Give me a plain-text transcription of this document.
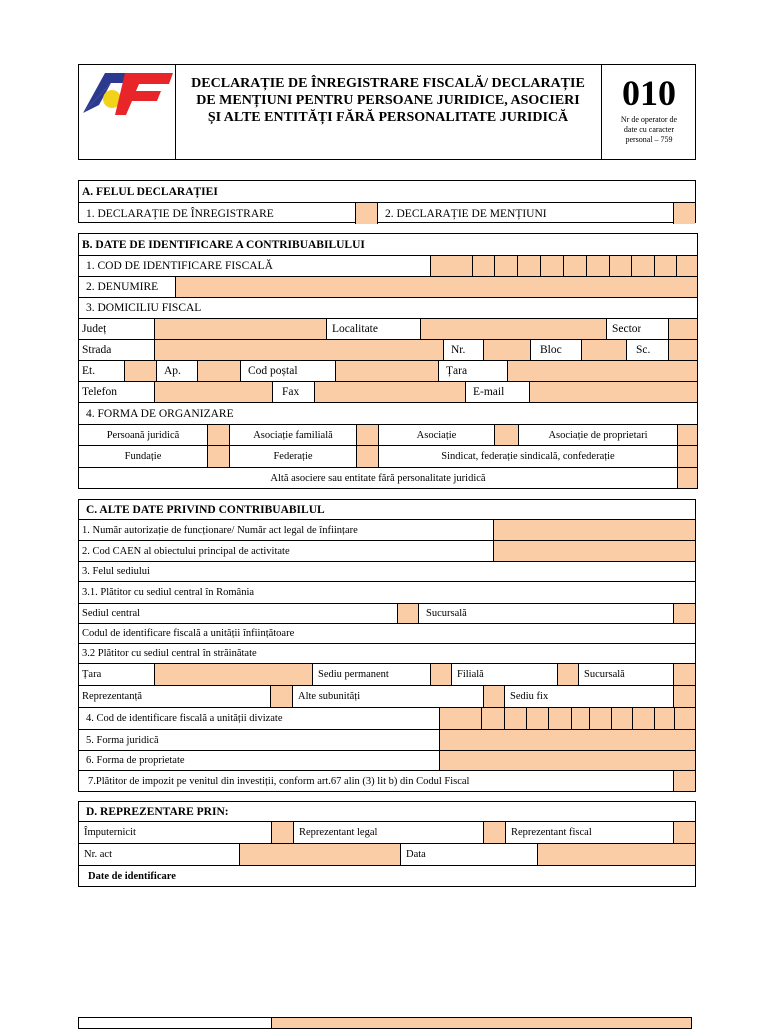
DECLARAȚIE DE ÎNREGISTRARE FISCALĂ/ DECLARAȚIE
DE MENȚIUNI PENTRU PERSOANE JURIDICE, ASOCIERI
ȘI ALTE ENTITĂȚI FĂRĂ PERSONALITATE JURIDICĂ
010
Nr de operator de
date cu caracter
personal – 759
A. FELUL DECLARAȚIEI
1. DECLARAȚIE DE ÎNREGISTRARE	2. DECLARAȚIE DE MENȚIUNI
B. DATE DE IDENTIFICARE A CONTRIBUABILULUI
1. COD DE IDENTIFICARE FISCALĂ
2. DENUMIRE
3. DOMICILIU FISCAL
Județ	Localitate	Sector
Strada	Nr.	Bloc	Sc.
Et.	Ap.	Cod poștal	Țara
Telefon	Fax	E-mail
4. FORMA DE ORGANIZARE
Persoană juridică	Asociație familială	Asociație	Asociație de proprietari
Fundație	Federație	Sindicat, federație sindicală, confederație
Altă asociere sau entitate fără personalitate juridică
C. ALTE DATE PRIVIND CONTRIBUABILUL
1. Număr autorizație de funcționare/ Număr act legal de înființare
2. Cod CAEN al obiectului principal de activitate
3. Felul sediului
3.1. Plătitor cu sediul central în România
Sediul central	Sucursală
Codul de identificare fiscală a unității înființătoare
3.2 Plătitor cu sediul central în străinătate
Țara	Sediu permanent	Filială	Sucursală
Reprezentanță	Alte subunități	Sediu fix
4. Cod de identificare fiscală a unității divizate
5. Forma juridică
6. Forma de proprietate
7.Plătitor de impozit pe venitul din investiții, conform art.67 alin (3) lit b) din Codul Fiscal
D. REPREZENTARE PRIN:
Împuternicit	Reprezentant legal	Reprezentant fiscal
Nr. act	Data
Date de identificare
